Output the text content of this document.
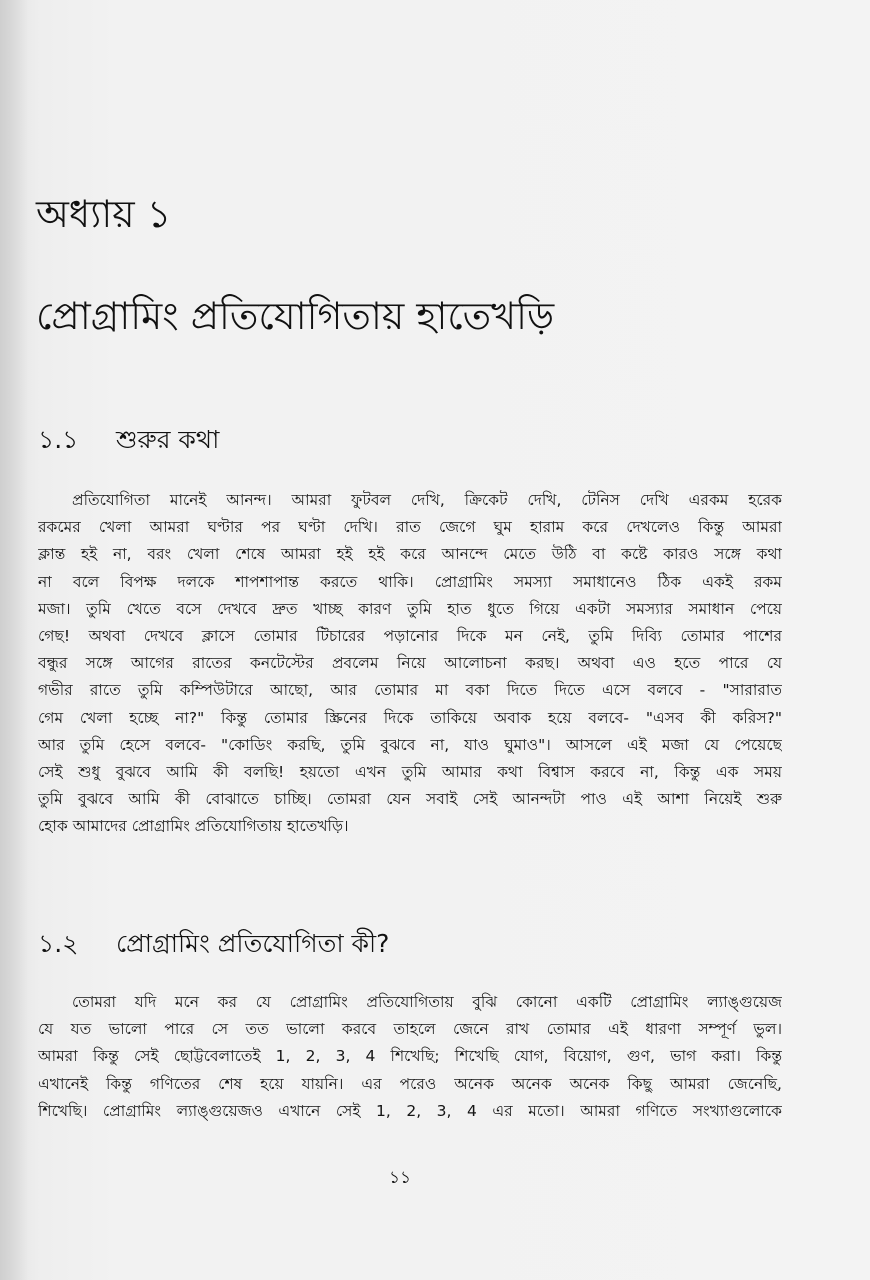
অধ্যায় ১
প্রোগ্রামিং প্রতিযোগিতায় হাতেখড়ি
১.১ শুরুর কথা
প্রতিযোগিতা মানেই আনন্দ। আমরা ফুটবল দেখি, ক্রিকেট দেখি, টেনিস দেখি এরকম হরেক
রকমের খেলা আমরা ঘণ্টার পর ঘণ্টা দেখি। রাত জেগে ঘুম হারাম করে দেখলেও কিন্তু আমরা
ক্লান্ত হই না, বরং খেলা শেষে আমরা হই হই করে আনন্দে মেতে উঠি বা কষ্টে কারও সঙ্গে কথা
না বলে বিপক্ষ দলকে শাপশাপান্ত করতে থাকি। প্রোগ্রামিং সমস্যা সমাধানেও ঠিক একই রকম
মজা। তুমি খেতে বসে দেখবে দ্রুত খাচ্ছ কারণ তুমি হাত ধুতে গিয়ে একটা সমস্যার সমাধান পেয়ে
গেছ! অথবা দেখবে ক্লাসে তোমার টিচারের পড়ানোর দিকে মন নেই, তুমি দিব্যি তোমার পাশের
বন্ধুর সঙ্গে আগের রাতের কনটেস্টের প্রবলেম নিয়ে আলোচনা করছ। অথবা এও হতে পারে যে
গভীর রাতে তুমি কম্পিউটারে আছো, আর তোমার মা বকা দিতে দিতে এসে বলবে - "সারারাত
গেম খেলা হচ্ছে না?" কিন্তু তোমার স্ক্রিনের দিকে তাকিয়ে অবাক হয়ে বলবে- "এসব কী করিস?"
আর তুমি হেসে বলবে- "কোডিং করছি, তুমি বুঝবে না, যাও ঘুমাও"। আসলে এই মজা যে পেয়েছে
সেই শুধু বুঝবে আমি কী বলছি! হয়তো এখন তুমি আমার কথা বিশ্বাস করবে না, কিন্তু এক সময়
তুমি বুঝবে আমি কী বোঝাতে চাচ্ছি। তোমরা যেন সবাই সেই আনন্দটা পাও এই আশা নিয়েই শুরু
হোক আমাদের প্রোগ্রামিং প্রতিযোগিতায় হাতেখড়ি।
১.২ প্রোগ্রামিং প্রতিযোগিতা কী?
তোমরা যদি মনে কর যে প্রোগ্রামিং প্রতিযোগিতায় বুঝি কোনো একটি প্রোগ্রামিং ল্যাঙ্গুয়েজ
যে যত ভালো পারে সে তত ভালো করবে তাহলে জেনে রাখ তোমার এই ধারণা সম্পূর্ণ ভুল।
আমরা কিন্তু সেই ছোট্টবেলাতেই 1, 2, 3, 4 শিখেছি; শিখেছি যোগ, বিয়োগ, গুণ, ভাগ করা। কিন্তু
এখানেই কিন্তু গণিতের শেষ হয়ে যায়নি। এর পরেও অনেক অনেক অনেক কিছু আমরা জেনেছি,
শিখেছি। প্রোগ্রামিং ল্যাঙ্গুয়েজও এখানে সেই 1, 2, 3, 4 এর মতো। আমরা গণিতে সংখ্যাগুলোকে
১১
